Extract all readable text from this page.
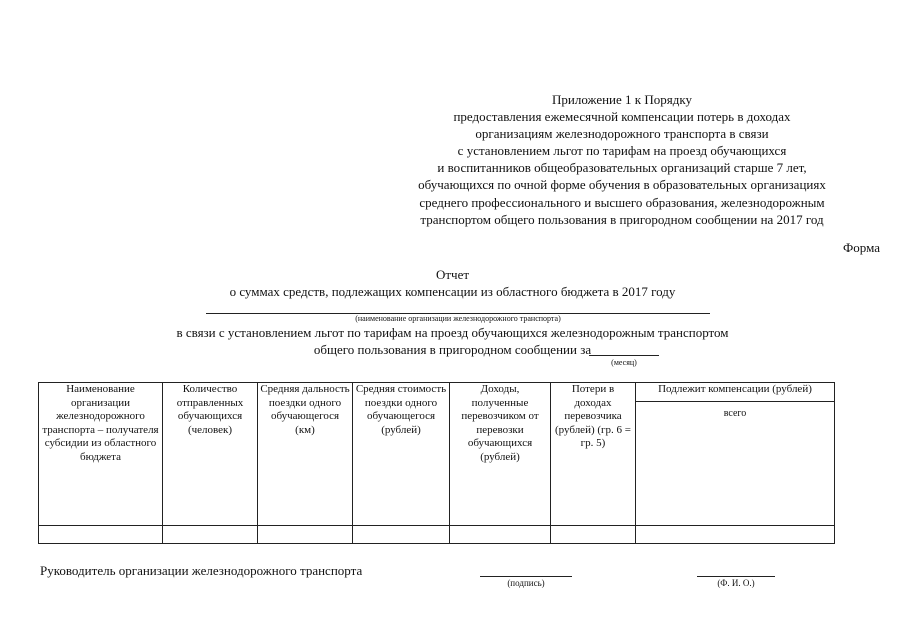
Приложение 1 к Порядку
предоставления ежемесячной компенсации потерь в доходах
организациям железнодорожного транспорта в связи
с установлением льгот по тарифам на проезд обучающихся
и воспитанников общеобразовательных организаций старше 7 лет,
обучающихся по очной форме обучения в образовательных организациях
среднего профессионального и высшего образования, железнодорожным
транспортом общего пользования в пригородном сообщении на 2017 год
Форма
Отчет
о суммах средств, подлежащих компенсации из областного бюджета в 2017 году
(наименование организации железнодорожного транспорта)
в связи с установлением льгот по тарифам на проезд обучающихся железнодорожным транспортом
общего пользования в пригородном сообщении за
(месяц)
Наименование организации железнодорожного транспорта – получателя субсидии из областного бюджета	Количество отправленных обучающихся (человек)	Средняя дальность поездки одного обучающегося (км)	Средняя стоимость поездки одного обучающегося (рублей)	Доходы, полученные перевозчиком от перевозки обучающихся (рублей)	Потери в доходах перевозчика (рублей) (гр. 6 = гр. 5)	Подлежит компенсации (рублей)
всего

Руководитель организации железнодорожного транспорта
(подпись)	(Ф. И. О.)
